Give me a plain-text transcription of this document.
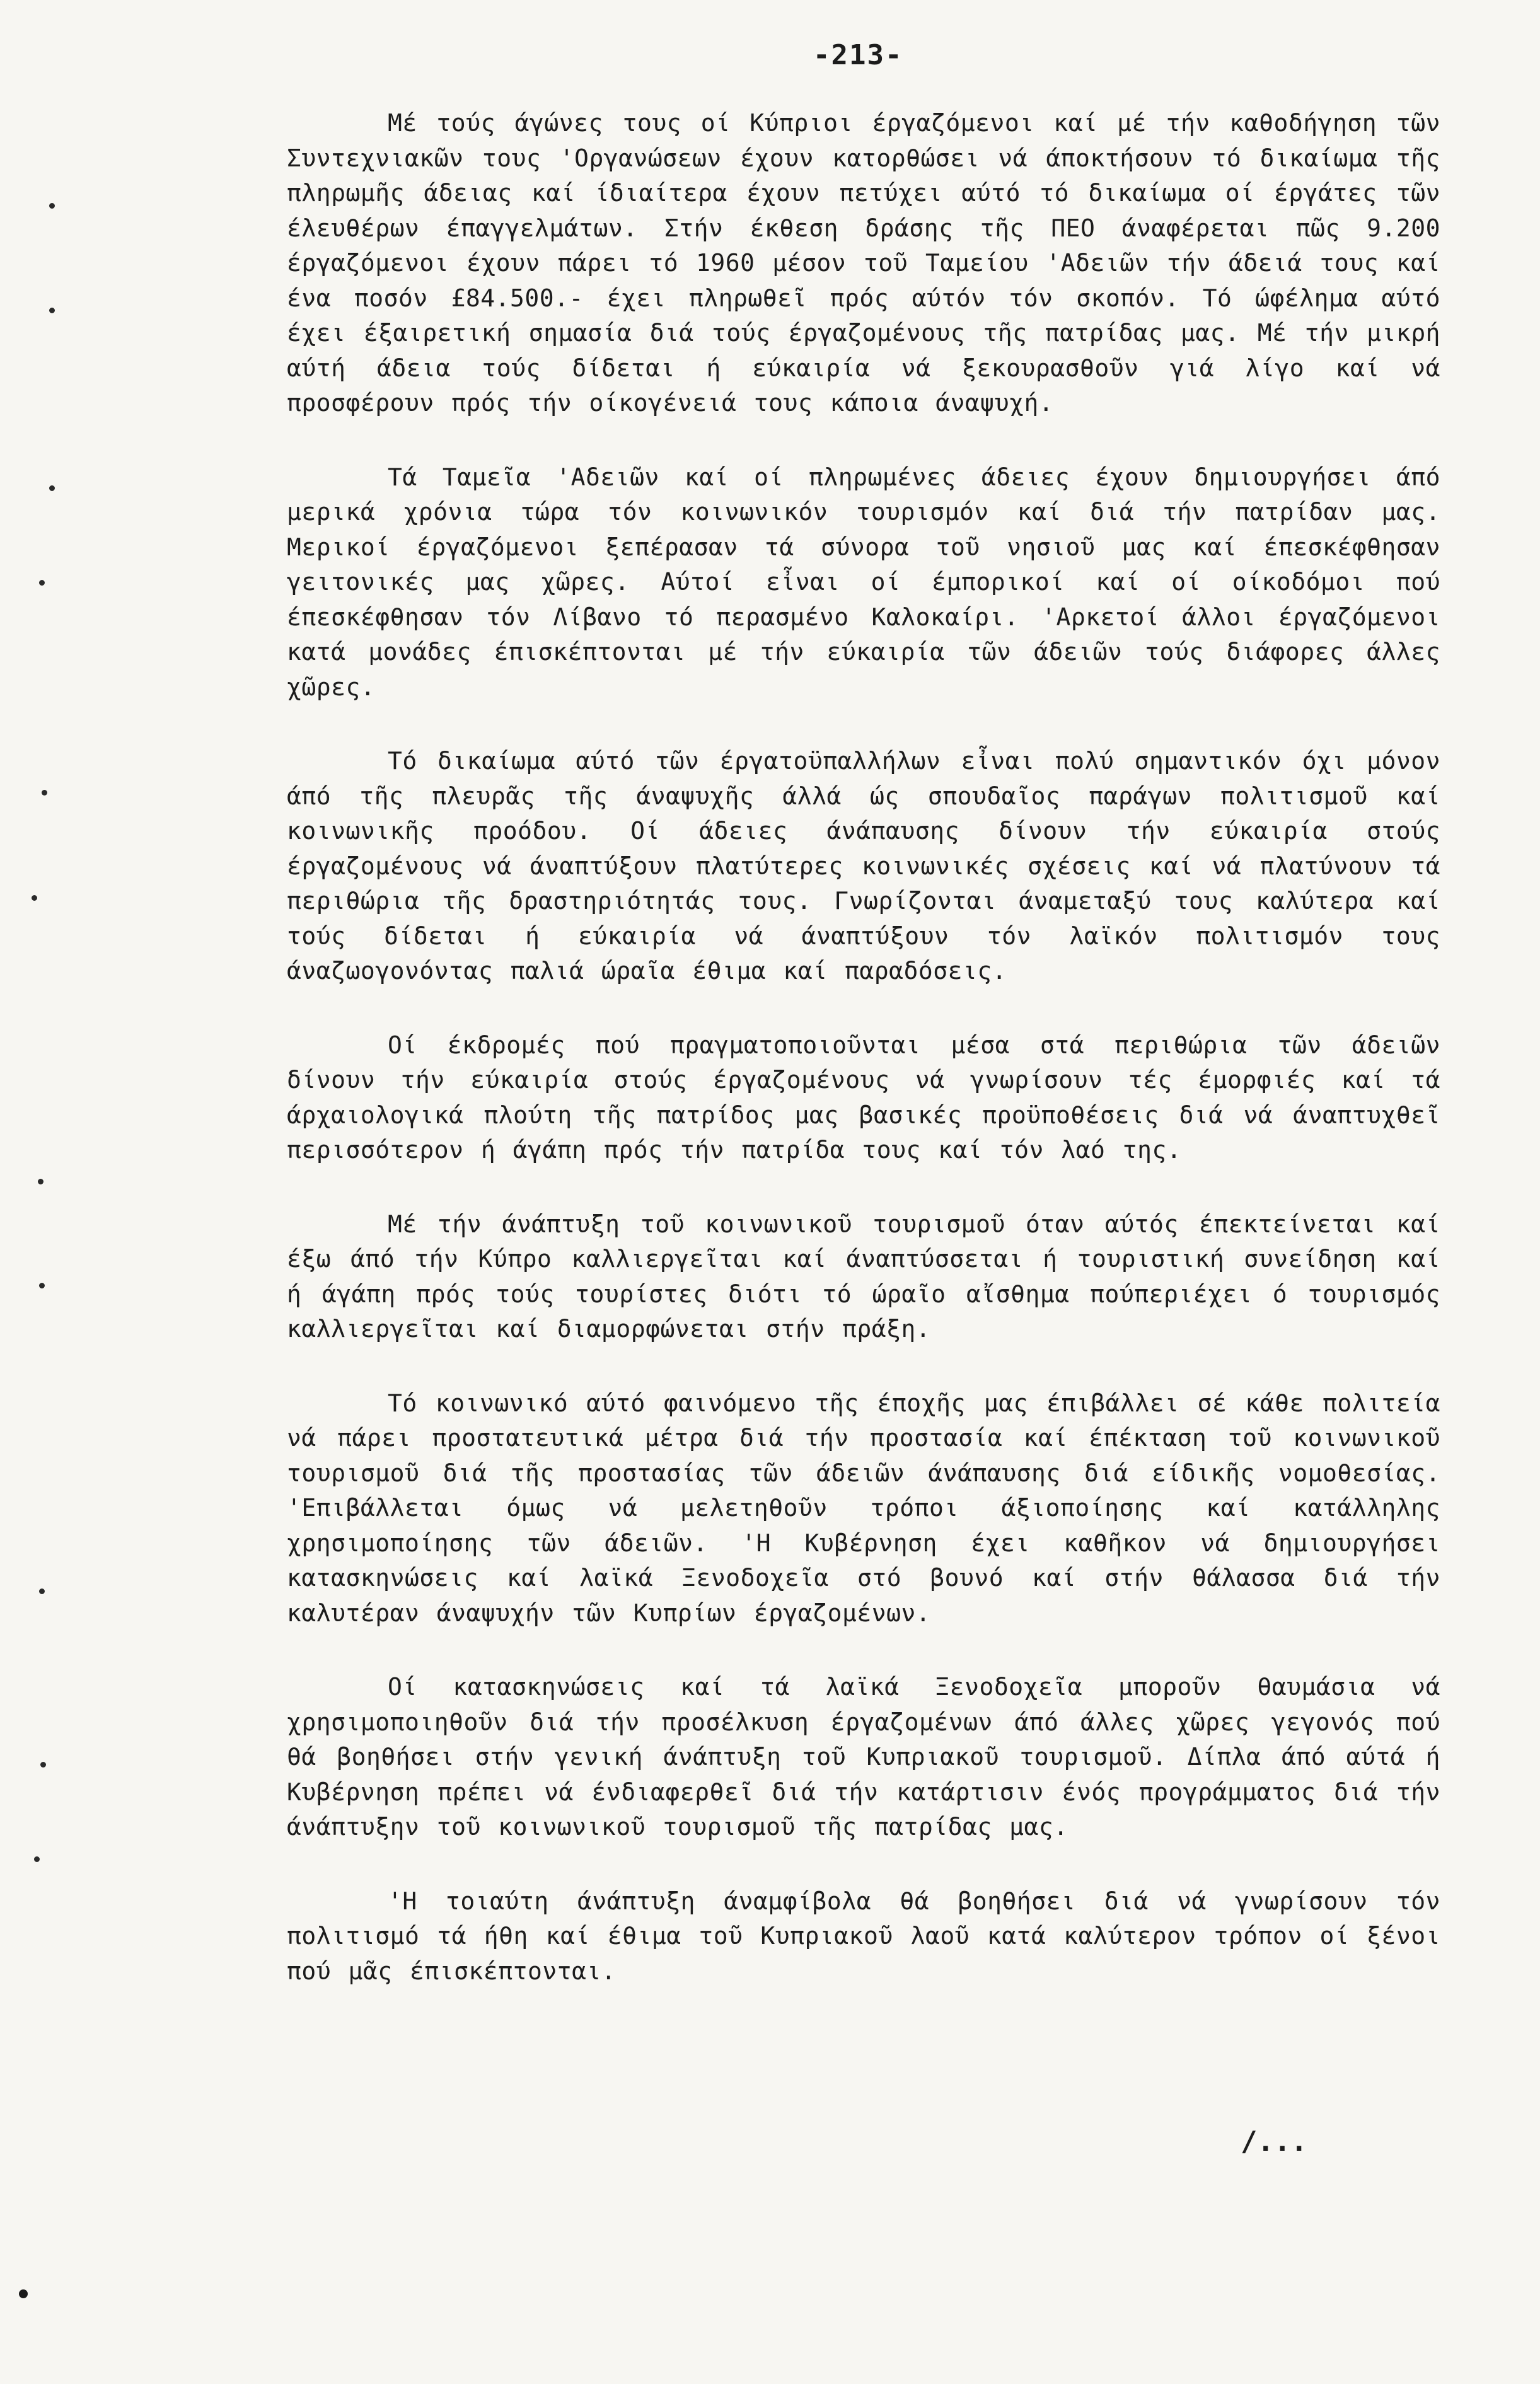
-213-

Μέ τούς άγώνες τους οί Κύπριοι έργαζόμενοι καί μέ τήν καθοδήγηση τῶν Συντεχνιακῶν τους 'Οργανώσεων έχουν κατορθώσει νά άποκτήσουν τό δικαίωμα τῆς πληρωμῆς άδειας καί ίδιαίτερα έχουν πετύχει αύτό τό δικαίωμα οί έργάτες τῶν έλευθέρων έπαγγελμάτων. Στήν έκθεση δράσης τῆς ΠΕΟ άναφέρεται πῶς 9.200 έργαζόμενοι έχουν πάρει τό 1960 μέσον τοῦ Ταμείου 'Αδειῶν τήν άδειά τους καί ένα ποσόν £84.500.- έχει πληρωθεῖ πρός αύτόν τόν σκοπόν. Τό ώφέλημα αύτό έχει έξαιρετική σημασία διά τούς έργαζομένους τῆς πατρίδας μας. Μέ τήν μικρή αύτή άδεια τούς δίδεται ή εύκαιρία νά ξεκουρασθοῦν γιά λίγο καί νά προσφέρουν πρός τήν οίκογένειά τους κάποια άναψυχή.

Τά Ταμεῖα 'Αδειῶν καί οί πληρωμένες άδειες έχουν δημιουργήσει άπό μερικά χρόνια τώρα τόν κοινωνικόν τουρισμόν καί διά τήν πατρίδαν μας. Μερικοί έργαζόμενοι ξεπέρασαν τά σύνορα τοῦ νησιοῦ μας καί έπεσκέφθησαν γειτονικές μας χῶρες. Αύτοί εἶναι οί έμπορικοί καί οί οίκοδόμοι πού έπεσκέφθησαν τόν Λίβανο τό περασμένο Καλοκαίρι. 'Αρκετοί άλλοι έργαζόμενοι κατά μονάδες έπισκέπτονται μέ τήν εύκαιρία τῶν άδειῶν τούς διάφορες άλλες χῶρες.

Τό δικαίωμα αύτό τῶν έργατοϋπαλλήλων εἶναι πολύ σημαντικόν όχι μόνον άπό τῆς πλευρᾶς τῆς άναψυχῆς άλλά ώς σπουδαῖος παράγων πολιτισμοῦ καί κοινωνικῆς προόδου. Οί άδειες άνάπαυσης δίνουν τήν εύκαιρία στούς έργαζομένους νά άναπτύξουν πλατύτερες κοινωνικές σχέσεις καί νά πλατύνουν τά περιθώρια τῆς δραστηριότητάς τους. Γνωρίζονται άναμεταξύ τους καλύτερα καί τούς δίδεται ή εύκαιρία νά άναπτύξουν τόν λαϊκόν πολιτισμόν τους άναζωογονόντας παλιά ώραῖα έθιμα καί παραδόσεις.

Οί έκδρομές πού πραγματοποιοῦνται μέσα στά περιθώρια τῶν άδειῶν δίνουν τήν εύκαιρία στούς έργαζομένους νά γνωρίσουν τές έμορφιές καί τά άρχαιολογικά πλούτη τῆς πατρίδος μας βασικές προϋποθέσεις διά νά άναπτυχθεῖ περισσότερον ή άγάπη πρός τήν πατρίδα τους καί τόν λαό της.

Μέ τήν άνάπτυξη τοῦ κοινωνικοῦ τουρισμοῦ όταν αύτός έπεκτείνεται καί έξω άπό τήν Κύπρο καλλιεργεῖται καί άναπτύσσεται ή τουριστική συνείδηση καί ή άγάπη πρός τούς τουρίστες διότι τό ώραῖο αἴσθημα πούπεριέχει ό τουρισμός καλλιεργεῖται καί διαμορφώνεται στήν πράξη.

Τό κοινωνικό αύτό φαινόμενο τῆς έποχῆς μας έπιβάλλει σέ κάθε πολιτεία νά πάρει προστατευτικά μέτρα διά τήν προστασία καί έπέκταση τοῦ κοινωνικοῦ τουρισμοῦ διά τῆς προστασίας τῶν άδειῶν άνάπαυσης διά είδικῆς νομοθεσίας. 'Επιβάλλεται όμως νά μελετηθοῦν τρόποι άξιοποίησης καί κατάλληλης χρησιμοποίησης τῶν άδειῶν. 'Η Κυβέρνηση έχει καθῆκον νά δημιουργήσει κατασκηνώσεις καί λαϊκά Ξενοδοχεῖα στό βουνό καί στήν θάλασσα διά τήν καλυτέραν άναψυχήν τῶν Κυπρίων έργαζομένων.

Οί κατασκηνώσεις καί τά λαϊκά Ξενοδοχεῖα μποροῦν θαυμάσια νά χρησιμοποιηθοῦν διά τήν προσέλκυση έργαζομένων άπό άλλες χῶρες γεγονός πού θά βοηθήσει στήν γενική άνάπτυξη τοῦ Κυπριακοῦ τουρισμοῦ. Δίπλα άπό αύτά ή Κυβέρνηση πρέπει νά ένδιαφερθεῖ διά τήν κατάρτισιν ένός προγράμματος διά τήν άνάπτυξην τοῦ κοινωνικοῦ τουρισμοῦ τῆς πατρίδας μας.

'Η τοιαύτη άνάπτυξη άναμφίβολα θά βοηθήσει διά νά γνωρίσουν τόν πολιτισμό τά ήθη καί έθιμα τοῦ Κυπριακοῦ λαοῦ κατά καλύτερον τρόπον οί ξένοι πού μᾶς έπισκέπτονται.

/...
